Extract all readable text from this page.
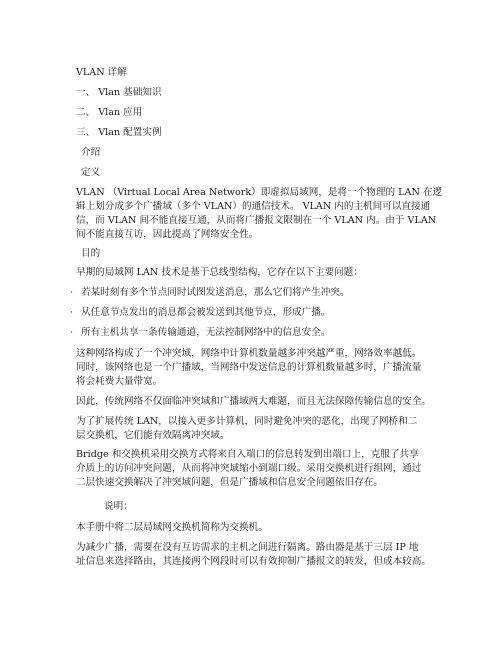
VLAN 详解
一、 Vlan 基础知识
二、 Vlan 应用
三、 Vlan 配置实例
介绍
定义
VLAN （Virtual Local Area Network）即虚拟局域网，是将一个物理的 LAN 在逻
辑上划分成多个广播域（多个 VLAN）的通信技术。 VLAN 内的主机间可以直接通
信，而 VLAN 间不能直接互通，从而将广播报文限制在一个 VLAN 内。由于 VLAN
间不能直接互访，因此提高了网络安全性。
目的
早期的局域网 LAN 技术是基于总线型结构，它存在以下主要问题：
· 若某时刻有多个节点同时试图发送消息，那么它们将产生冲突。
· 从任意节点发出的消息都会被发送到其他节点，形成广播。
· 所有主机共享一条传输通道，无法控制网络中的信息安全。
这种网络构成了一个冲突域，网络中计算机数量越多冲突越严重，网络效率越低。
同时，该网络也是一个广播域，当网络中发送信息的计算机数量越多时，广播流量
将会耗费大量带宽。
因此，传统网络不仅面临冲突域和广播域两大难题，而且无法保障传输信息的安全。
为了扩展传统 LAN，以接入更多计算机，同时避免冲突的恶化，出现了网桥和二
层交换机，它们能有效隔离冲突域。
Bridge 和交换机采用交换方式将来自入端口的信息转发到出端口上，克服了共享
介质上的访问冲突问题，从而将冲突域缩小到端口级。采用交换机进行组网，通过
二层快速交换解决了冲突域问题，但是广播域和信息安全问题依旧存在。
说明：
本手册中将二层局域网交换机简称为交换机。
为减少广播，需要在没有互访需求的主机之间进行隔离。路由器是基于三层 IP 地
址信息来选择路由，其连接两个网段时可以有效抑制广播报文的转发，但成本较高。
